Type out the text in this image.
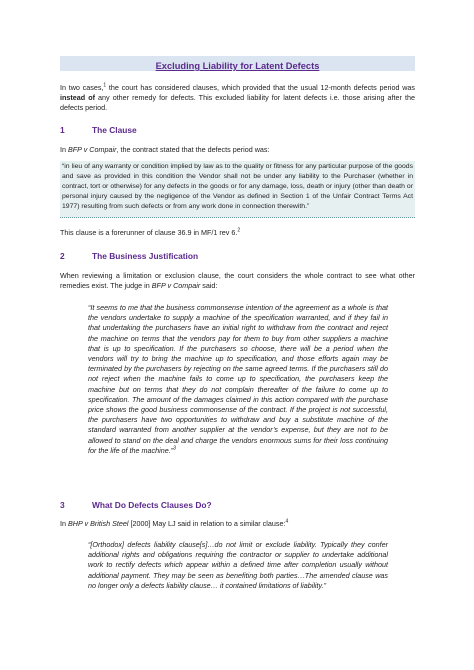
Excluding Liability for Latent Defects

In two cases,$^1$ the court has considered clauses, which provided that the usual 12-month defects period was instead of any other remedy for defects. This excluded liability for latent defects i.e. those arising after the defects period.

1	The Clause

In BFP v Compair, the contract stated that the defects period was:

“in lieu of any warranty or condition implied by law as to the quality or fitness for any particular purpose of the goods and save as provided in this condition the Vendor shall not be under any liability to the Purchaser (whether in contract, tort or otherwise) for any defects in the goods or for any damage, loss, death or injury (other than death or personal injury caused by the negligence of the Vendor as defined in Section 1 of the Unfair Contract Terms Act 1977) resulting from such defects or from any work done in connection therewith.”

This clause is a forerunner of clause 36.9 in MF/1 rev 6.$^2$

2	The Business Justification

When reviewing a limitation or exclusion clause, the court considers the whole contract to see what other remedies exist. The judge in BFP v Compair said:

“It seems to me that the business commonsense intention of the agreement as a whole is that the vendors undertake to supply a machine of the specification warranted, and if they fail in that undertaking the purchasers have an initial right to withdraw from the contract and reject the machine on terms that the vendors pay for them to buy from other suppliers a machine that is up to specification. If the purchasers so choose, there will be a period when the vendors will try to bring the machine up to specification, and those efforts again may be terminated by the purchasers by rejecting on the same agreed terms. If the purchasers still do not reject when the machine fails to come up to specification, the purchasers keep the machine but on terms that they do not complain thereafter of the failure to come up to specification. The amount of the damages claimed in this action compared with the purchase price shows the good business commonsense of the contract. If the project is not successful, the purchasers have two opportunities to withdraw and buy a substitute machine of the standard warranted from another supplier at the vendor’s expense, but they are not to be allowed to stand on the deal and charge the vendors enormous sums for their loss continuing for the life of the machine.”$^3$

3	What Do Defects Clauses Do?

In BHP v British Steel [2000] May LJ said in relation to a similar clause:$^4$

“[Orthodox] defects liability clause[s]…do not limit or exclude liability. Typically they confer additional rights and obligations requiring the contractor or supplier to undertake additional work to rectify defects which appear within a defined time after completion usually without additional payment. They may be seen as benefiting both parties…The amended clause was no longer only a defects liability clause… it contained limitations of liability.”
